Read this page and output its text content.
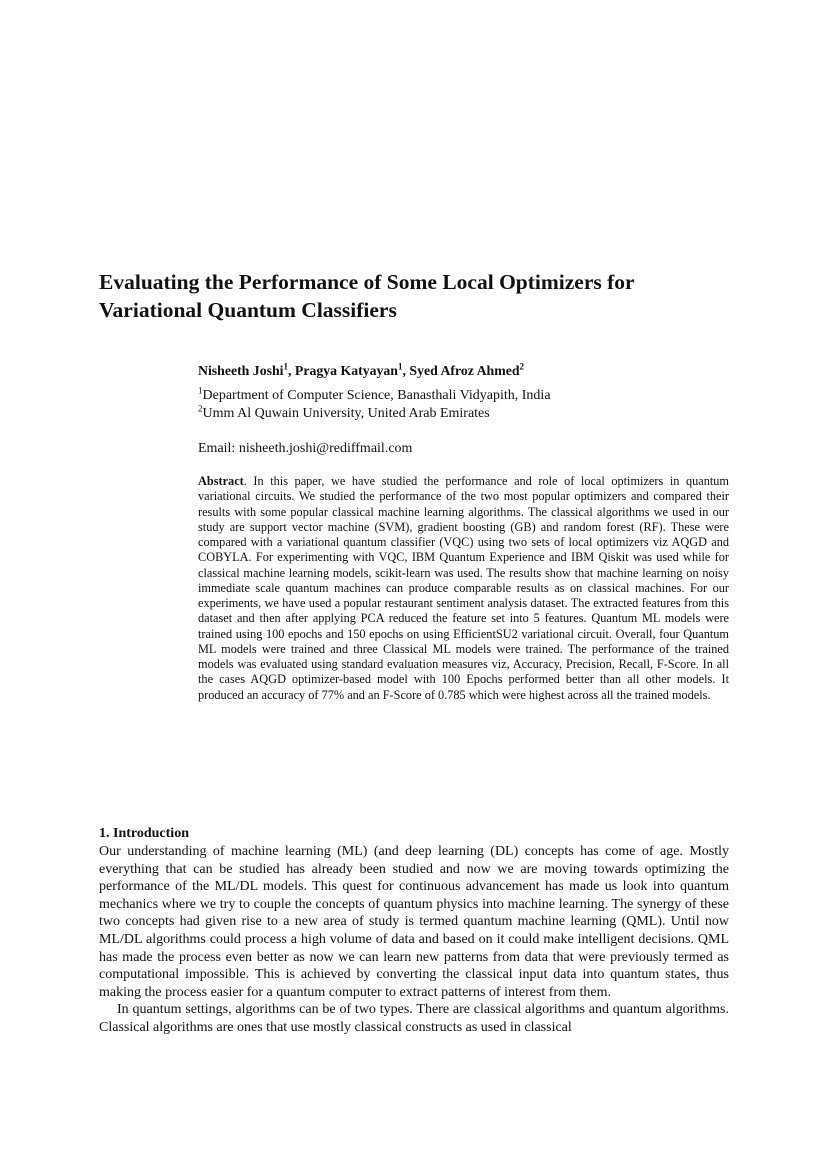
Evaluating the Performance of Some Local Optimizers for Variational Quantum Classifiers
Nisheeth Joshi$^1$, Pragya Katyayan$^1$, Syed Afroz Ahmed$^2$
$^1$Department of Computer Science, Banasthali Vidyapith, India
$^2$Umm Al Quwain University, United Arab Emirates
Email: nisheeth.joshi@rediffmail.com

Abstract. In this paper, we have studied the performance and role of local optimizers in quantum variational circuits. We studied the performance of the two most popular optimizers and compared their results with some popular classical machine learning algorithms. The classical algorithms we used in our study are support vector machine (SVM), gradient boosting (GB) and random forest (RF). These were compared with a variational quantum classifier (VQC) using two sets of local optimizers viz AQGD and COBYLA. For experimenting with VQC, IBM Quantum Experience and IBM Qiskit was used while for classical machine learning models, scikit-learn was used. The results show that machine learning on noisy immediate scale quantum machines can produce comparable results as on classical machines. For our experiments, we have used a popular restaurant sentiment analysis dataset. The extracted features from this dataset and then after applying PCA reduced the feature set into 5 features. Quantum ML models were trained using 100 epochs and 150 epochs on using EfficientSU2 variational circuit. Overall, four Quantum ML models were trained and three Classical ML models were trained. The performance of the trained models was evaluated using standard evaluation measures viz, Accuracy, Precision, Recall, F-Score. In all the cases AQGD optimizer-based model with 100 Epochs performed better than all other models. It produced an accuracy of 77% and an F-Score of 0.785 which were highest across all the trained models.

1. Introduction

Our understanding of machine learning (ML) (and deep learning (DL) concepts has come of age. Mostly everything that can be studied has already been studied and now we are moving towards optimizing the performance of the ML/DL models. This quest for continuous advancement has made us look into quantum mechanics where we try to couple the concepts of quantum physics into machine learning. The synergy of these two concepts had given rise to a new area of study is termed quantum machine learning (QML). Until now ML/DL algorithms could process a high volume of data and based on it could make intelligent decisions. QML has made the process even better as now we can learn new patterns from data that were previously termed as computational impossible. This is achieved by converting the classical input data into quantum states, thus making the process easier for a quantum computer to extract patterns of interest from them.

In quantum settings, algorithms can be of two types. There are classical algorithms and quantum algorithms. Classical algorithms are ones that use mostly classical constructs as used in classical
